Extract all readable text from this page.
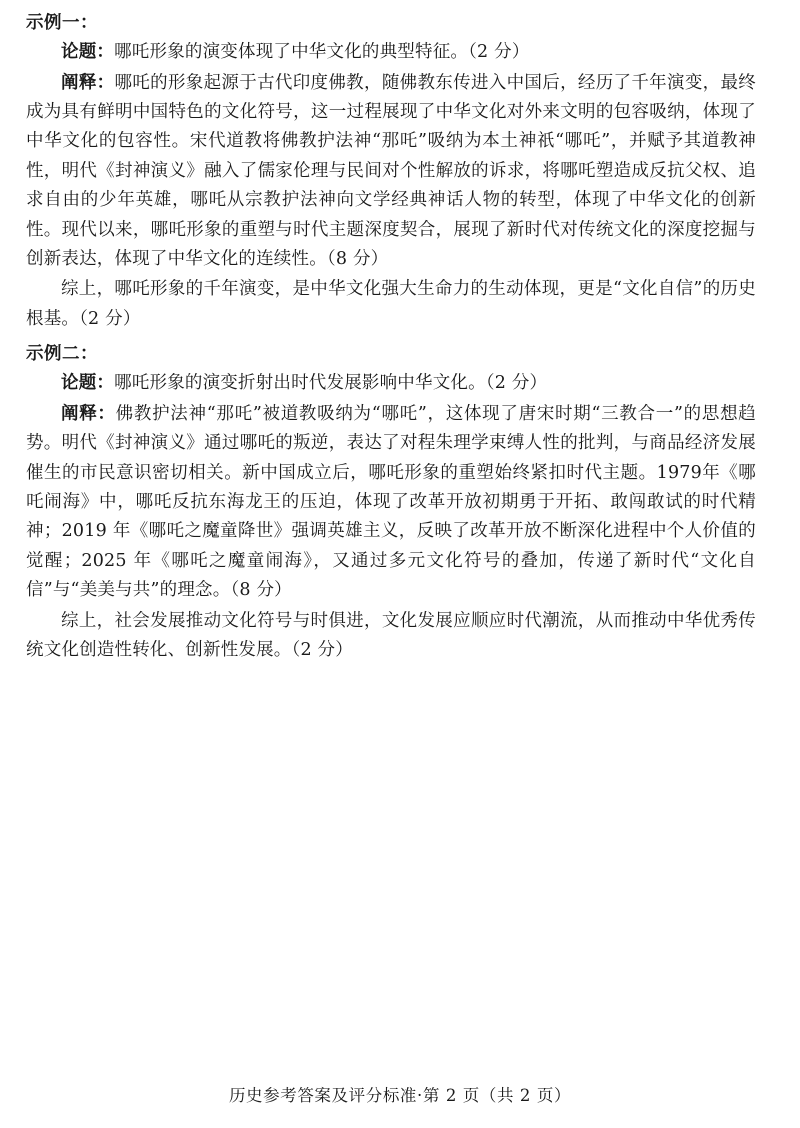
示例一：

论题：哪吒形象的演变体现了中华文化的典型特征。（2 分）

阐释：哪吒的形象起源于古代印度佛教，随佛教东传进入中国后，经历了千年演变，最终成为具有鲜明中国特色的文化符号，这一过程展现了中华文化对外来文明的包容吸纳，体现了中华文化的包容性。宋代道教将佛教护法神“那吒”吸纳为本土神祇“哪吒”，并赋予其道教神性，明代《封神演义》融入了儒家伦理与民间对个性解放的诉求，将哪吒塑造成反抗父权、追求自由的少年英雄，哪吒从宗教护法神向文学经典神话人物的转型，体现了中华文化的创新性。现代以来，哪吒形象的重塑与时代主题深度契合，展现了新时代对传统文化的深度挖掘与创新表达，体现了中华文化的连续性。（8 分）

综上，哪吒形象的千年演变，是中华文化强大生命力的生动体现，更是“文化自信”的历史根基。（2 分）

示例二：

论题：哪吒形象的演变折射出时代发展影响中华文化。（2 分）

阐释：佛教护法神“那吒”被道教吸纳为“哪吒”，这体现了唐宋时期“三教合一”的思想趋势。明代《封神演义》通过哪吒的叛逆，表达了对程朱理学束缚人性的批判，与商品经济发展催生的市民意识密切相关。新中国成立后，哪吒形象的重塑始终紧扣时代主题。1979年《哪吒闹海》中，哪吒反抗东海龙王的压迫，体现了改革开放初期勇于开拓、敢闯敢试的时代精神；2019 年《哪吒之魔童降世》强调英雄主义，反映了改革开放不断深化进程中个人价值的觉醒；2025 年《哪吒之魔童闹海》，又通过多元文化符号的叠加，传递了新时代“文化自信”与“美美与共”的理念。（8 分）

综上，社会发展推动文化符号与时俱进，文化发展应顺应时代潮流，从而推动中华优秀传统文化创造性转化、创新性发展。（2 分）

历史参考答案及评分标准·第 2 页（共 2 页）
